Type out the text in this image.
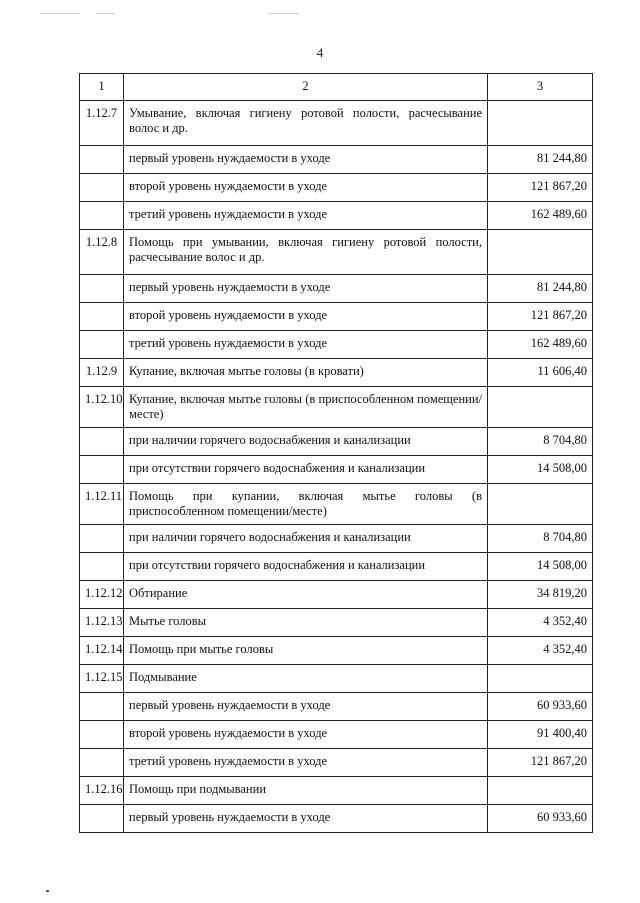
4
1	2	3
1.12.7	Умывание, включая гигиену ротовой полости, расчесывание волос и др.	
	первый уровень нуждаемости в уходе	81 244,80
	второй уровень нуждаемости в уходе	121 867,20
	третий уровень нуждаемости в уходе	162 489,60
1.12.8	Помощь при умывании, включая гигиену ротовой полости, расчесывание волос и др.	
	первый уровень нуждаемости в уходе	81 244,80
	второй уровень нуждаемости в уходе	121 867,20
	третий уровень нуждаемости в уходе	162 489,60
1.12.9	Купание, включая мытье головы (в кровати)	11 606,40
1.12.10	Купание, включая мытье головы (в приспособленном помещении/месте)	
	при наличии горячего водоснабжения и канализации	8 704,80
	при отсутствии горячего водоснабжения и канализации	14 508,00
1.12.11	Помощь при купании, включая мытье головы (в приспособленном помещении/месте)	
	при наличии горячего водоснабжения и канализации	8 704,80
	при отсутствии горячего водоснабжения и канализации	14 508,00
1.12.12	Обтирание	34 819,20
1.12.13	Мытье головы	4 352,40
1.12.14	Помощь при мытье головы	4 352,40
1.12.15	Подмывание	
	первый уровень нуждаемости в уходе	60 933,60
	второй уровень нуждаемости в уходе	91 400,40
	третий уровень нуждаемости в уходе	121 867,20
1.12.16	Помощь при подмывании	
	первый уровень нуждаемости в уходе	60 933,60
